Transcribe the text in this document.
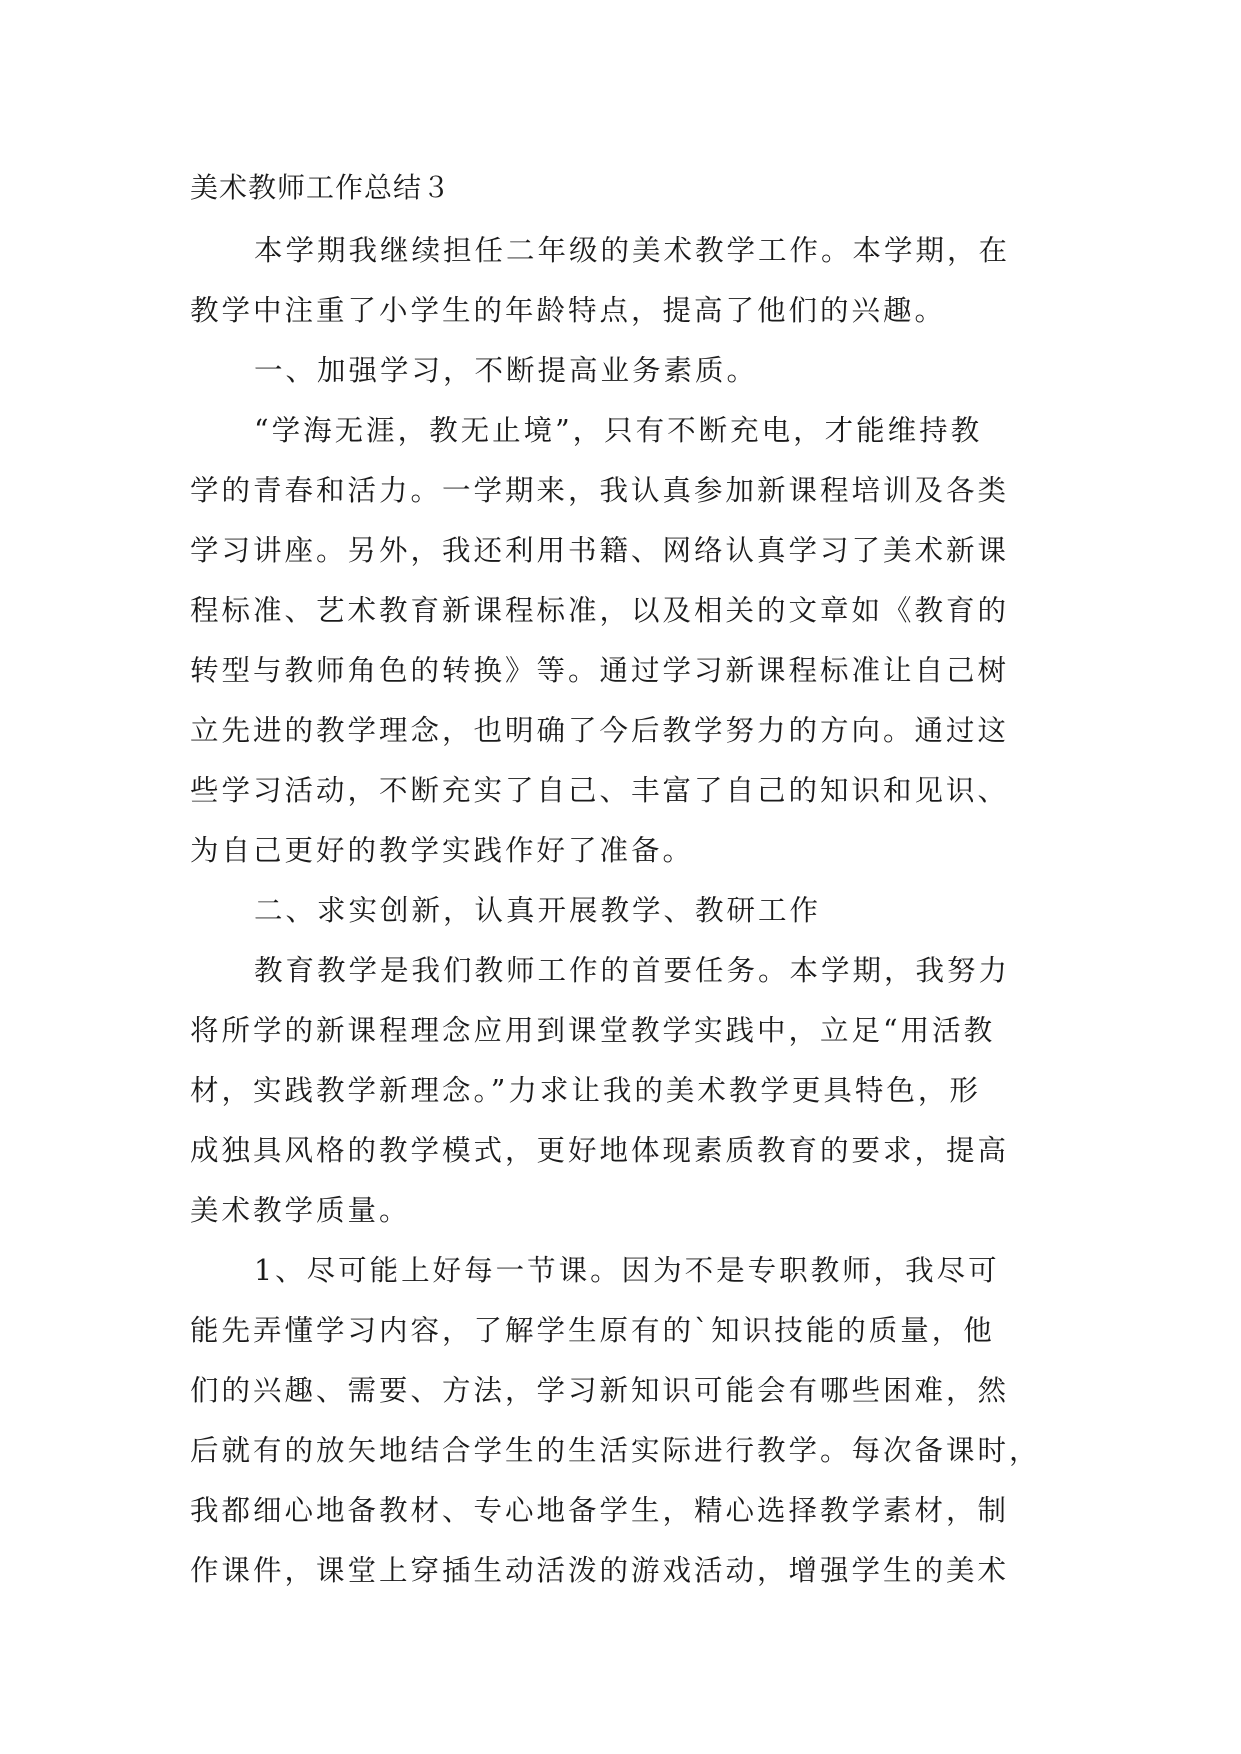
美术教师工作总结３
本学期我继续担任二年级的美术教学工作。本学期，在
教学中注重了小学生的年龄特点，提高了他们的兴趣。
一、加强学习，不断提高业务素质。
“学海无涯，教无止境”，只有不断充电，才能维持教
学的青春和活力。一学期来，我认真参加新课程培训及各类
学习讲座。另外，我还利用书籍、网络认真学习了美术新课
程标准、艺术教育新课程标准，以及相关的文章如《教育的
转型与教师角色的转换》等。通过学习新课程标准让自己树
立先进的教学理念，也明确了今后教学努力的方向。通过这
些学习活动，不断充实了自己、丰富了自己的知识和见识、
为自己更好的教学实践作好了准备。
二、求实创新，认真开展教学、教研工作
教育教学是我们教师工作的首要任务。本学期，我努力
将所学的新课程理念应用到课堂教学实践中，立足“用活教
材，实践教学新理念。”力求让我的美术教学更具特色，形
成独具风格的教学模式，更好地体现素质教育的要求，提高
美术教学质量。
1、尽可能上好每一节课。因为不是专职教师，我尽可
能先弄懂学习内容，了解学生原有的`知识技能的质量，他
们的兴趣、需要、方法，学习新知识可能会有哪些困难，然
后就有的放矢地结合学生的生活实际进行教学。每次备课时，
我都细心地备教材、专心地备学生，精心选择教学素材，制
作课件，课堂上穿插生动活泼的游戏活动，增强学生的美术
